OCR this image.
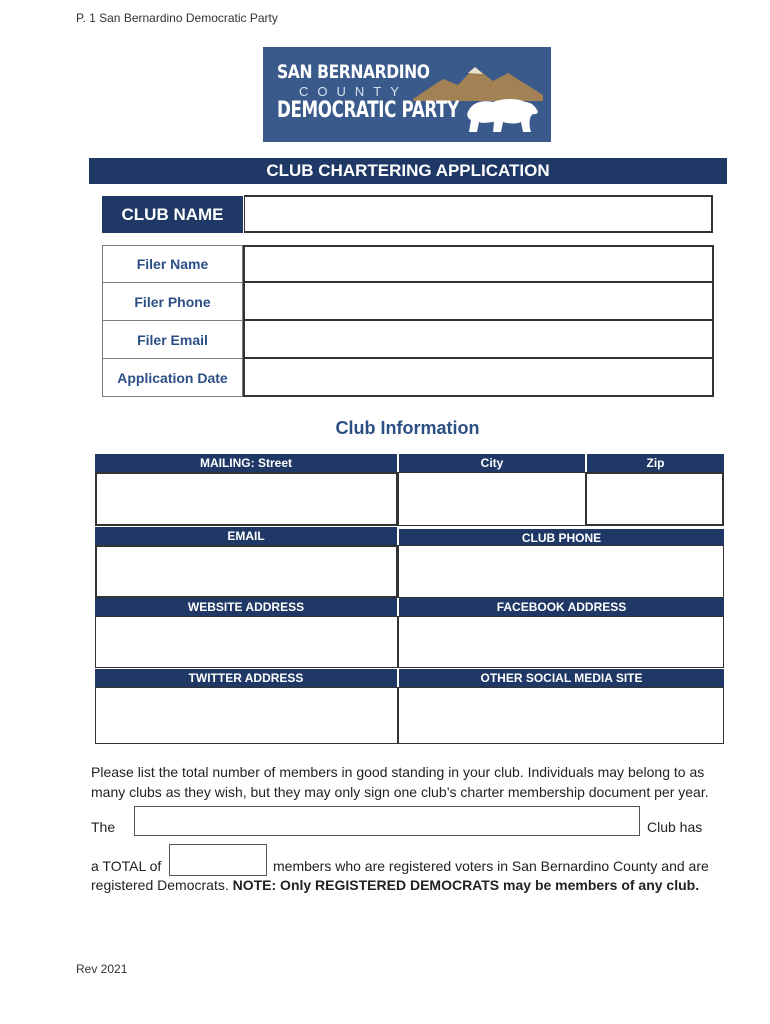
P. 1 San Bernardino Democratic Party
SAN BERNARDINO
COUNTY
DEMOCRATIC PARTY
CLUB CHARTERING APPLICATION
CLUB NAME
Filer Name
Filer Phone
Filer Email
Application Date
Club Information
MAILING: Street	City	Zip
EMAIL	CLUB PHONE
WEBSITE ADDRESS	FACEBOOK ADDRESS
TWITTER ADDRESS	OTHER SOCIAL MEDIA SITE
Please list the total number of members in good standing in your club. Individuals may belong to as many clubs as they wish, but they may only sign one club’s charter membership document per year.
The	Club has
a TOTAL of	members who are registered voters in San Bernardino County and are
registered Democrats. NOTE: Only REGISTERED DEMOCRATS may be members of any club.
Rev 2021
